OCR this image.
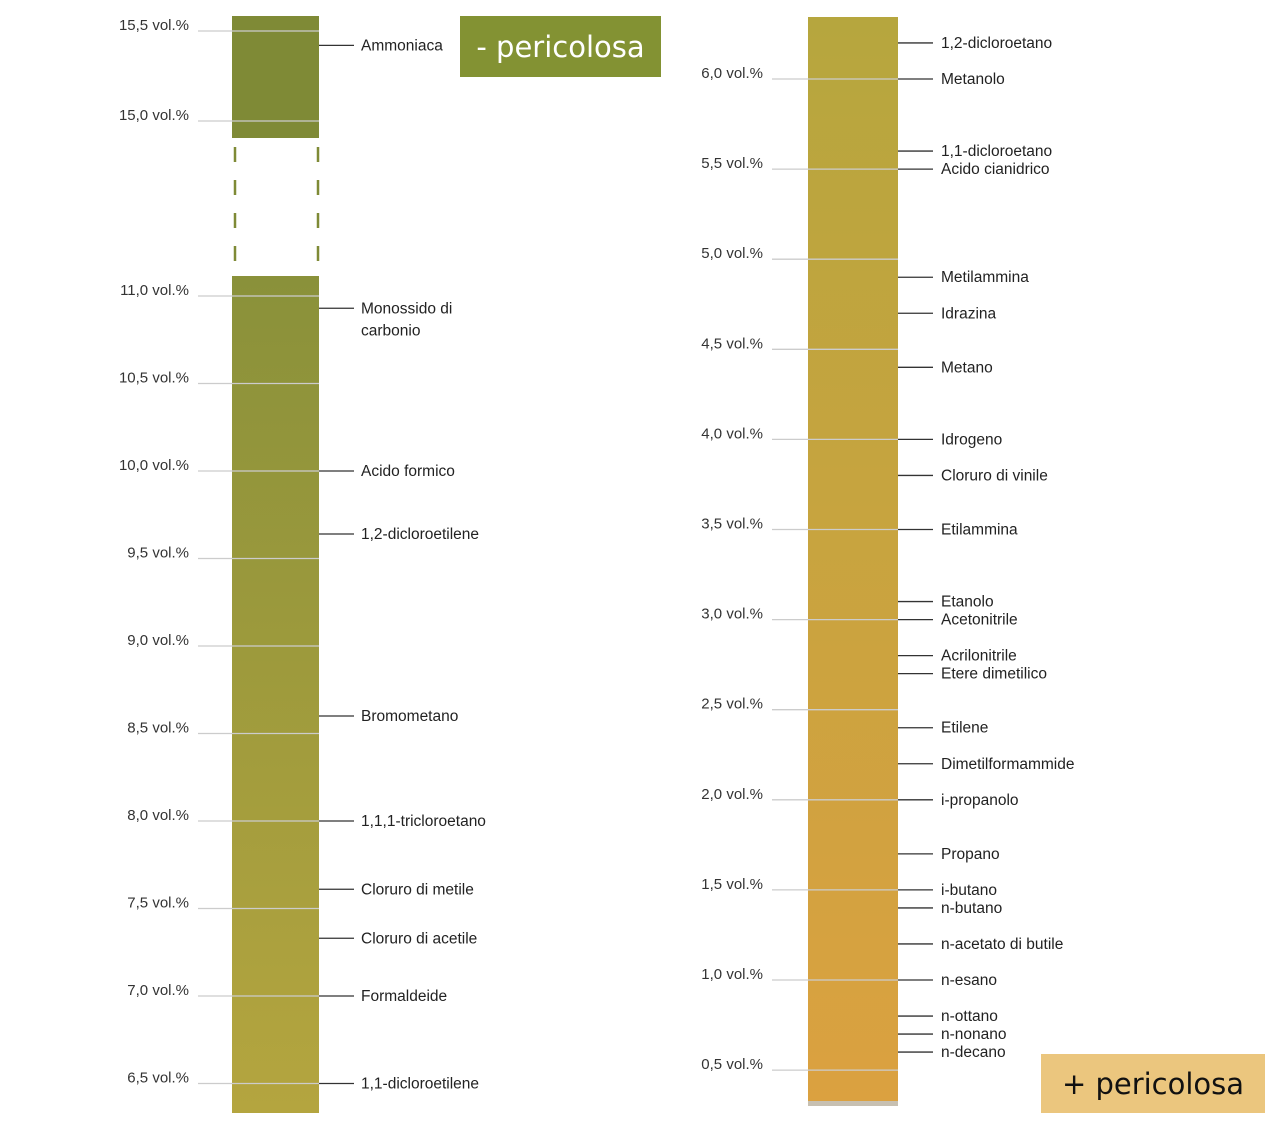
15,5 vol.%
15,0 vol.%
11,0 vol.%
10,5 vol.%
10,0 vol.%
9,5 vol.%
9,0 vol.%
8,5 vol.%
8,0 vol.%
7,5 vol.%
7,0 vol.%
6,5 vol.%
6,0 vol.%
5,5 vol.%
5,0 vol.%
4,5 vol.%
4,0 vol.%
3,5 vol.%
3,0 vol.%
2,5 vol.%
2,0 vol.%
1,5 vol.%
1,0 vol.%
0,5 vol.%
Ammoniaca
Monossido di carbonio
Acido formico
1,2-dicloroetilene
Bromometano
1,1,1-tricloroetano
Cloruro di metile
Cloruro di acetile
Formaldeide
1,1-dicloroetilene
1,2-dicloroetano
Metanolo
1,1-dicloroetano
Acido cianidrico
Metilammina
Idrazina
Metano
Idrogeno
Cloruro di vinile
Etilammina
Etanolo
Acetonitrile
Acrilonitrile
Etere dimetilico
Etilene
Dimetilformammide
i-propanolo
Propano
i-butano
n-butano
n-acetato di butile
n-esano
n-ottano
n-nonano
n-decano
- pericolosa
+ pericolosa
